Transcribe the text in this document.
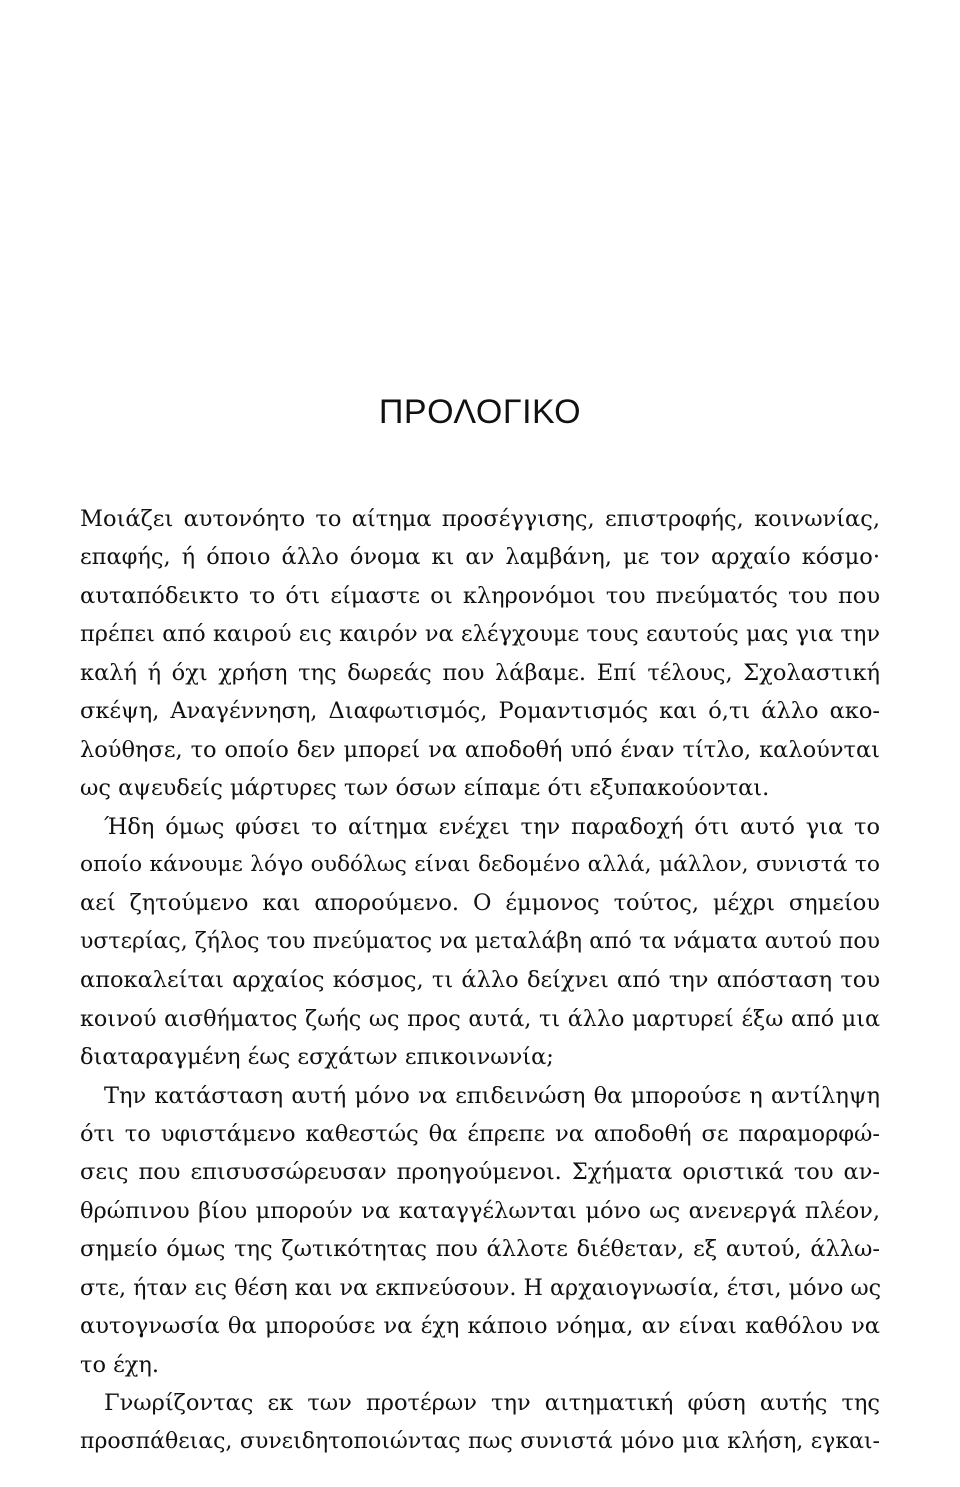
ΠΡΟΛΟΓΙΚΟ
Μοιάζει αυτονόητο το αίτημα προσέγγισης, επιστροφής, κοινωνίας,
επαφής, ή όποιο άλλο όνομα κι αν λαμβάνη, με τον αρχαίο κόσμο·
αυταπόδεικτο το ότι είμαστε οι κληρονόμοι του πνεύματός του που
πρέπει από καιρού εις καιρόν να ελέγχουμε τους εαυτούς μας για την
καλή ή όχι χρήση της δωρεάς που λάβαμε. Επί τέλους, Σχολαστική
σκέψη, Αναγέννηση, Διαφωτισμός, Ρομαντισμός και ό,τι άλλο ακο-
λούθησε, το οποίο δεν μπορεί να αποδοθή υπό έναν τίτλο, καλούνται
ως αψευδείς μάρτυρες των όσων είπαμε ότι εξυπακούονται.
Ήδη όμως φύσει το αίτημα ενέχει την παραδοχή ότι αυτό για το
οποίο κάνουμε λόγο ουδόλως είναι δεδομένο αλλά, μάλλον, συνιστά το
αεί ζητούμενο και απορούμενο. Ο έμμονος τούτος, μέχρι σημείου
υστερίας, ζήλος του πνεύματος να μεταλάβη από τα νάματα αυτού που
αποκαλείται αρχαίος κόσμος, τι άλλο δείχνει από την απόσταση του
κοινού αισθήματος ζωής ως προς αυτά, τι άλλο μαρτυρεί έξω από μια
διαταραγμένη έως εσχάτων επικοινωνία;
Την κατάσταση αυτή μόνο να επιδεινώση θα μπορούσε η αντίληψη
ότι το υφιστάμενο καθεστώς θα έπρεπε να αποδοθή σε παραμορφώ-
σεις που επισυσσώρευσαν προηγούμενοι. Σχήματα οριστικά του αν-
θρώπινου βίου μπορούν να καταγγέλωνται μόνο ως ανενεργά πλέον,
σημείο όμως της ζωτικότητας που άλλοτε διέθεταν, εξ αυτού, άλλω-
στε, ήταν εις θέση και να εκπνεύσουν. Η αρχαιογνωσία, έτσι, μόνο ως
αυτογνωσία θα μπορούσε να έχη κάποιο νόημα, αν είναι καθόλου να
το έχη.
Γνωρίζοντας εκ των προτέρων την αιτηματική φύση αυτής της
προσπάθειας, συνειδητοποιώντας πως συνιστά μόνο μια κλήση, εγκαι-
